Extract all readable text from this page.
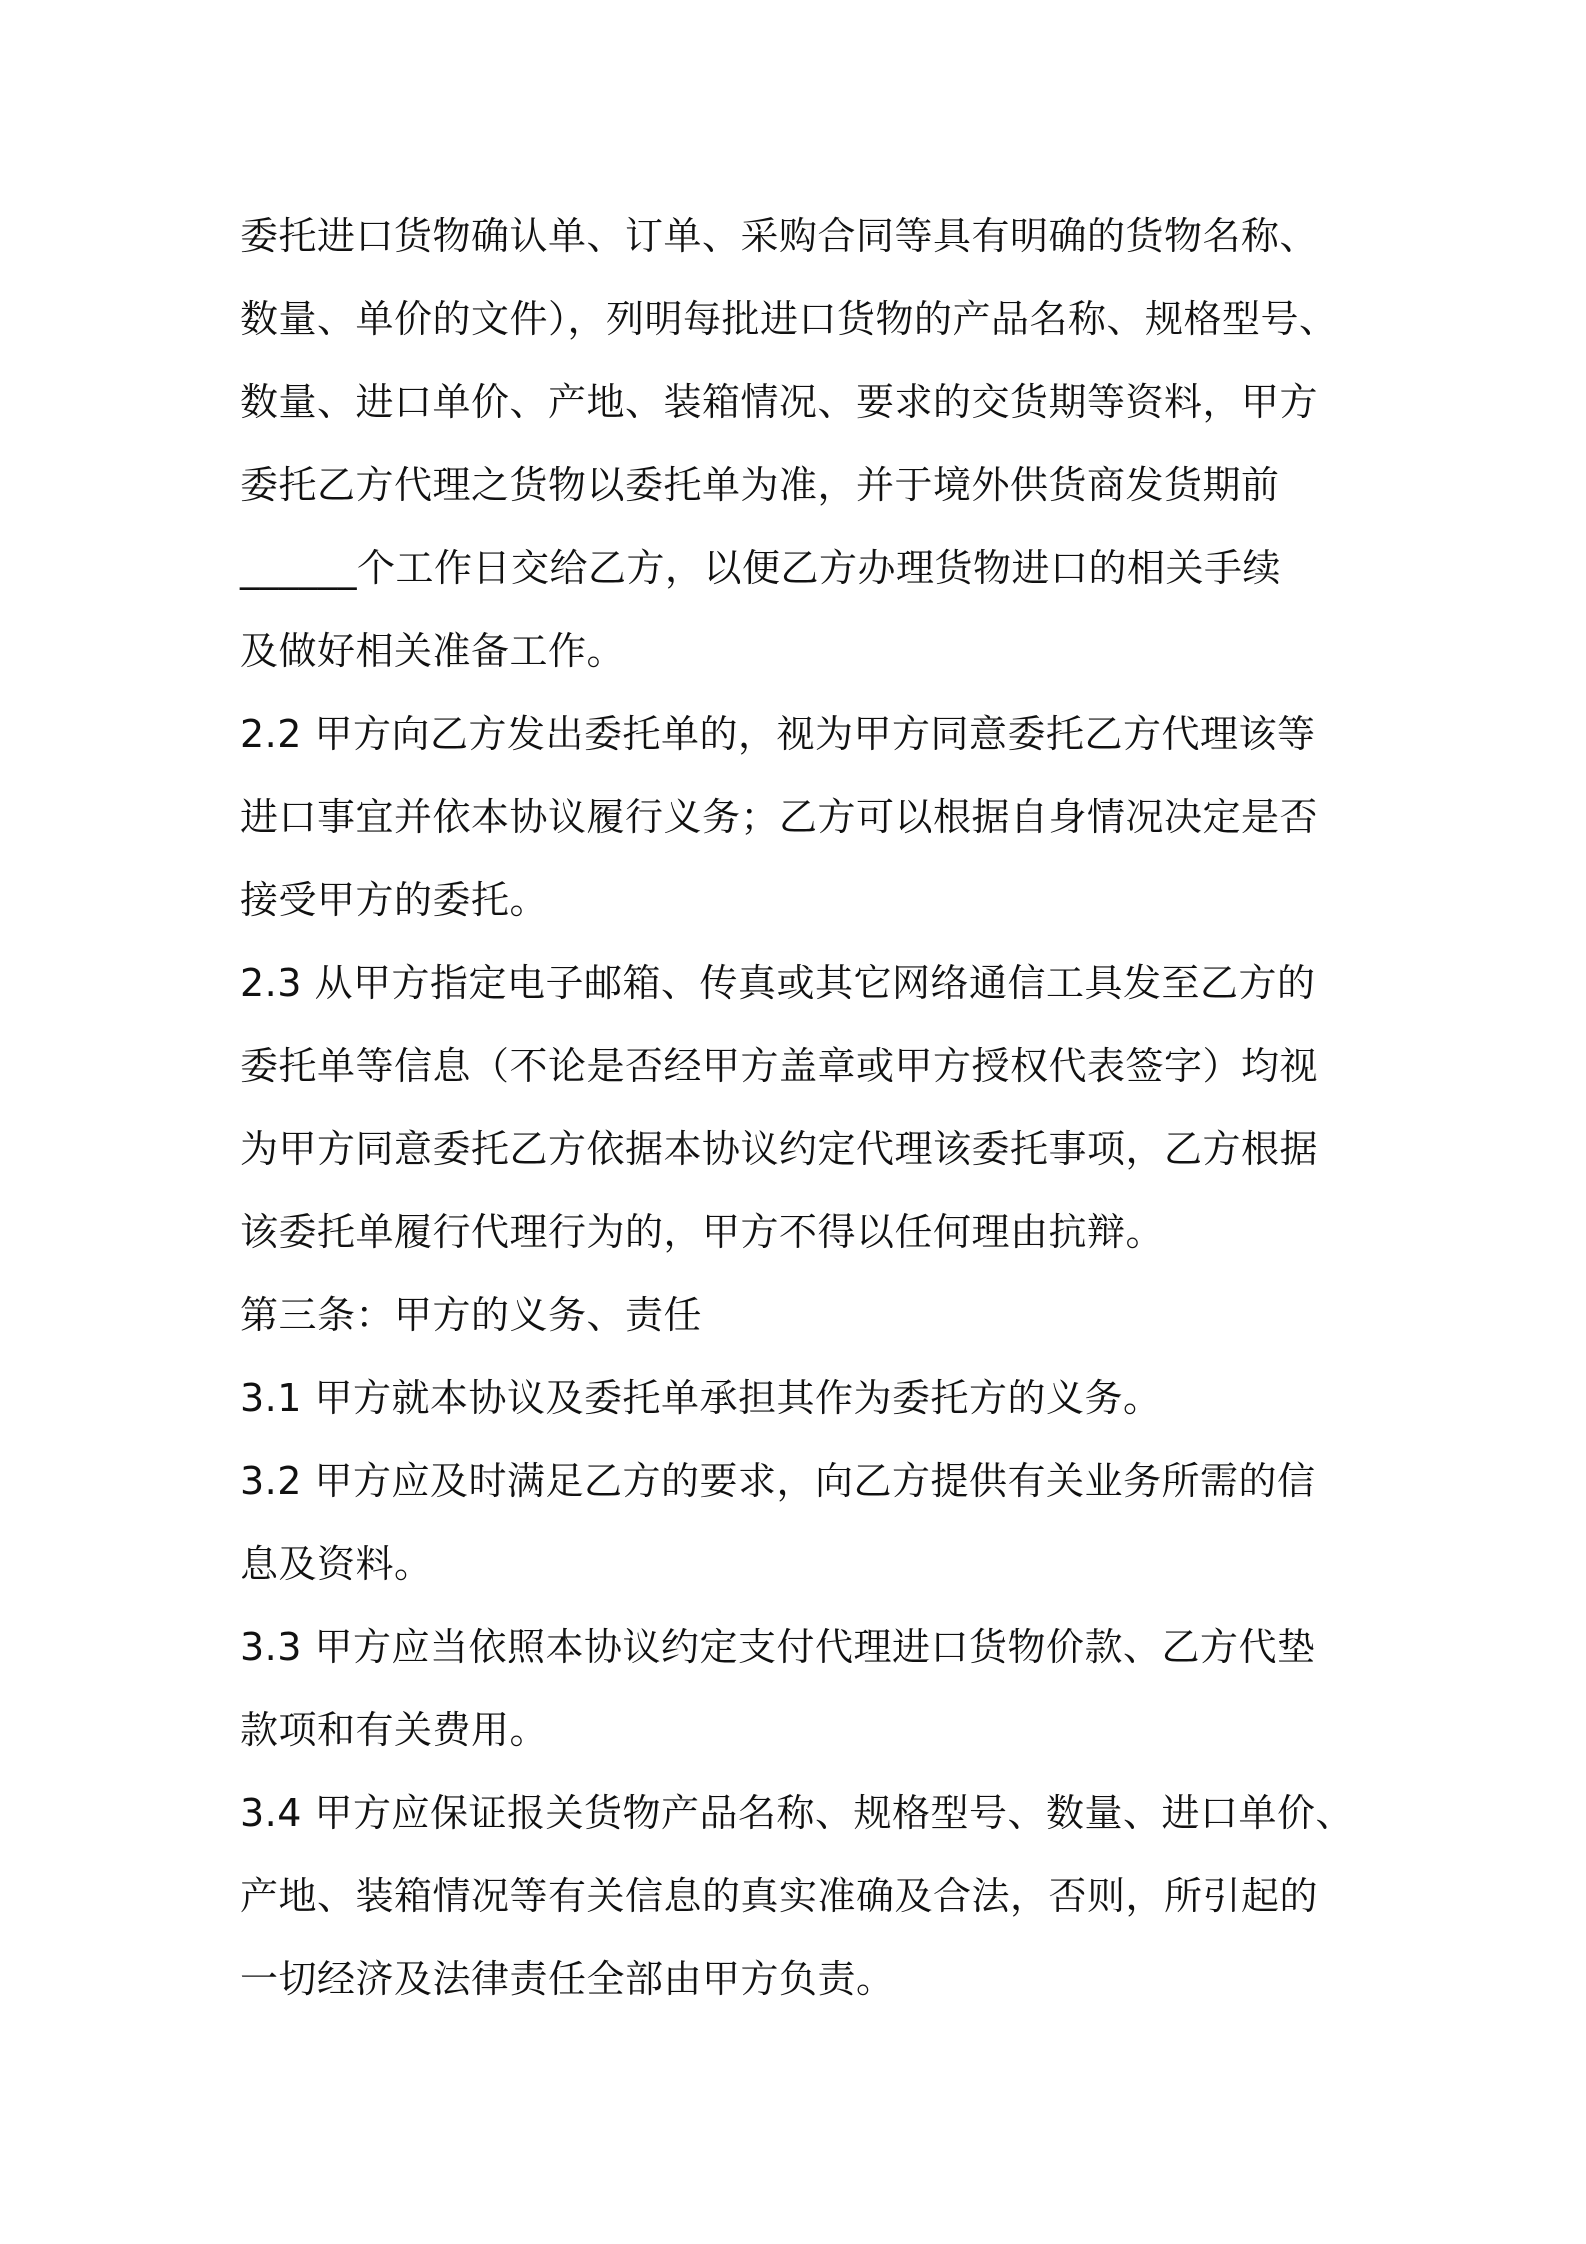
委托进口货物确认单、订单、采购合同等具有明确的货物名称、
数量、单价的文件），列明每批进口货物的产品名称、规格型号、
数量、进口单价、产地、装箱情况、要求的交货期等资料，甲方
委托乙方代理之货物以委托单为准，并于境外供货商发货期前
______个工作日交给乙方，以便乙方办理货物进口的相关手续
及做好相关准备工作。
2.2 甲方向乙方发出委托单的，视为甲方同意委托乙方代理该等
进口事宜并依本协议履行义务；乙方可以根据自身情况决定是否
接受甲方的委托。
2.3 从甲方指定电子邮箱、传真或其它网络通信工具发至乙方的
委托单等信息（不论是否经甲方盖章或甲方授权代表签字）均视
为甲方同意委托乙方依据本协议约定代理该委托事项，乙方根据
该委托单履行代理行为的，甲方不得以任何理由抗辩。
第三条：甲方的义务、责任
3.1 甲方就本协议及委托单承担其作为委托方的义务。
3.2 甲方应及时满足乙方的要求，向乙方提供有关业务所需的信
息及资料。
3.3 甲方应当依照本协议约定支付代理进口货物价款、乙方代垫
款项和有关费用。
3.4 甲方应保证报关货物产品名称、规格型号、数量、进口单价、
产地、装箱情况等有关信息的真实准确及合法，否则，所引起的
一切经济及法律责任全部由甲方负责。
